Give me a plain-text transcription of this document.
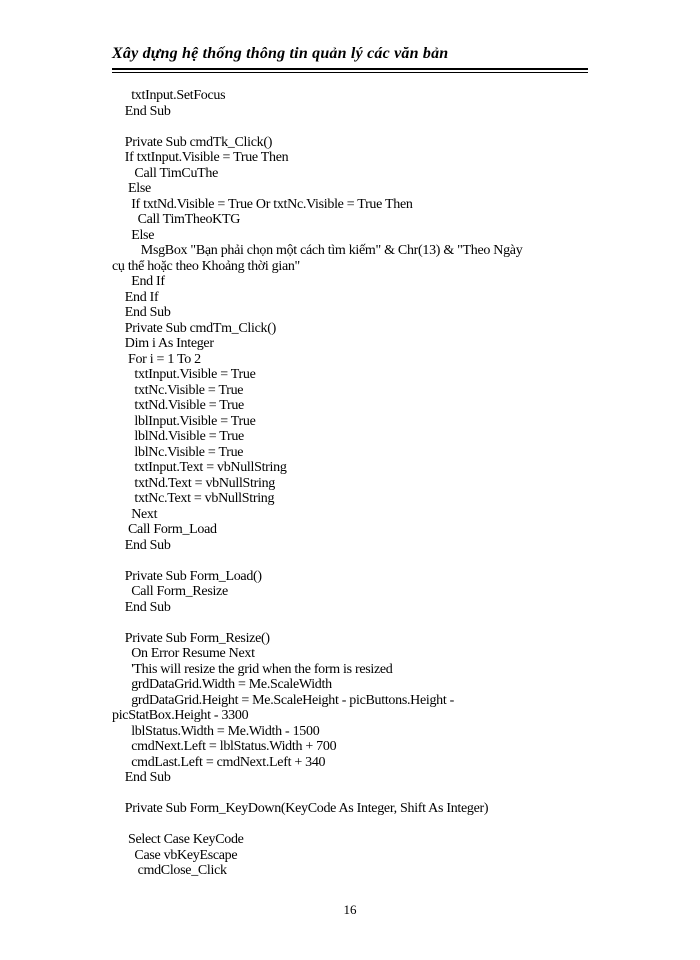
Xây dựng hệ thống thông tin quản lý các văn bản
txtInput.SetFocus
End Sub
Private Sub cmdTk_Click()
If txtInput.Visible = True Then
Call TimCuThe
Else
If txtNd.Visible = True Or txtNc.Visible = True Then
Call TimTheoKTG
Else
MsgBox "Bạn phải chọn một cách tìm kiếm" & Chr(13) & "Theo Ngày
cụ thể hoặc theo Khoảng thời gian"
End If
End If
End Sub
Private Sub cmdTm_Click()
Dim i As Integer
For i = 1 To 2
txtInput.Visible = True
txtNc.Visible = True
txtNd.Visible = True
lblInput.Visible = True
lblNd.Visible = True
lblNc.Visible = True
txtInput.Text = vbNullString
txtNd.Text = vbNullString
txtNc.Text = vbNullString
Next
Call Form_Load
End Sub
Private Sub Form_Load()
Call Form_Resize
End Sub
Private Sub Form_Resize()
On Error Resume Next
'This will resize the grid when the form is resized
grdDataGrid.Width = Me.ScaleWidth
grdDataGrid.Height = Me.ScaleHeight - picButtons.Height -
picStatBox.Height - 3300
lblStatus.Width = Me.Width - 1500
cmdNext.Left = lblStatus.Width + 700
cmdLast.Left = cmdNext.Left + 340
End Sub
Private Sub Form_KeyDown(KeyCode As Integer, Shift As Integer)
Select Case KeyCode
Case vbKeyEscape
cmdClose_Click
16
